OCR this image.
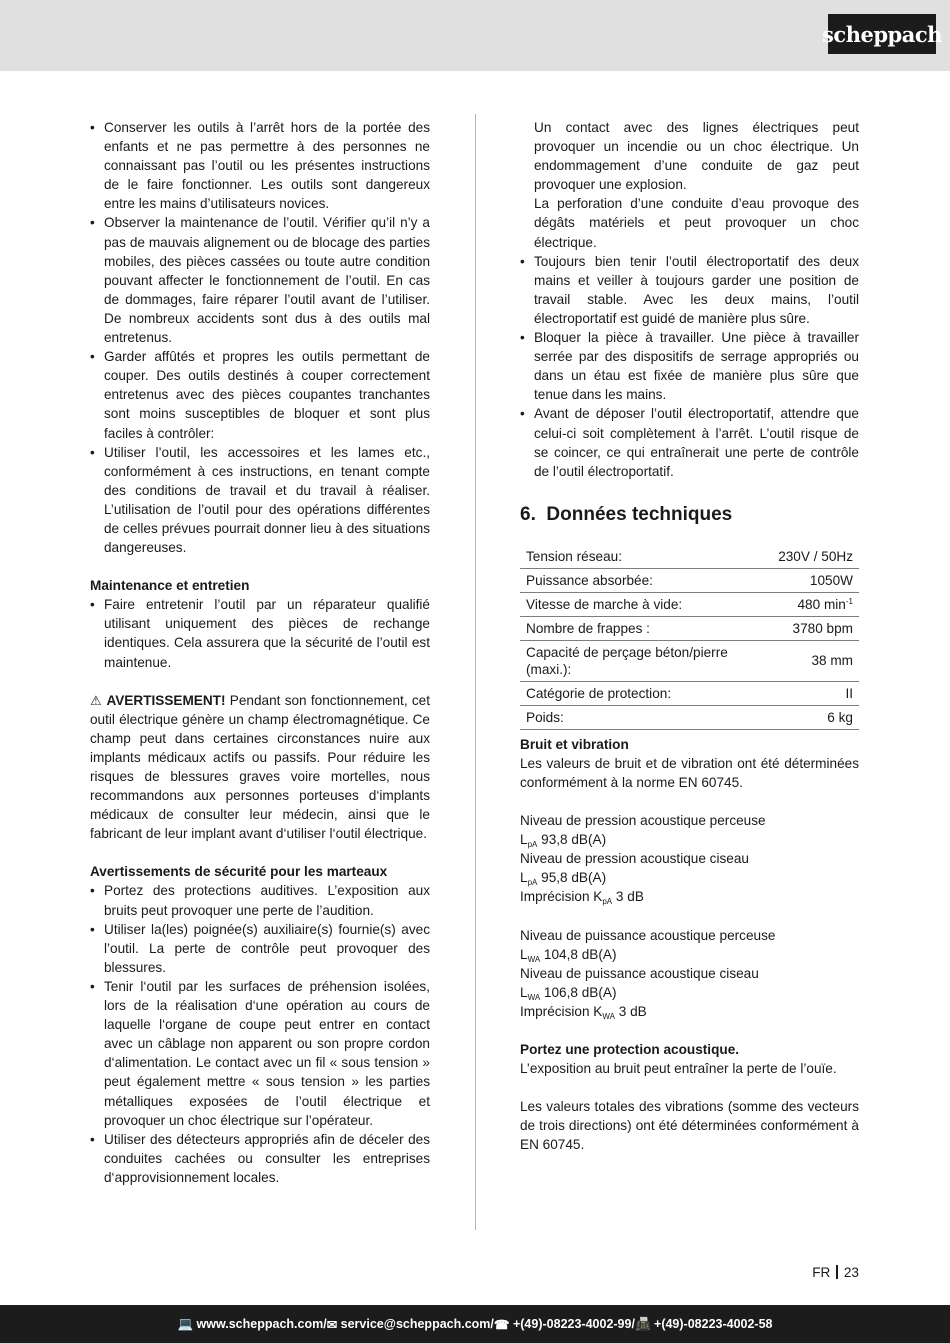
scheppach
• Conserver les outils à l’arrêt hors de la portée des enfants et ne pas permettre à des personnes ne connaissant pas l’outil ou les présentes instructions de le faire fonctionner. Les outils sont dangereux entre les mains d’utilisateurs novices.
• Observer la maintenance de l’outil. Vérifier qu’il n’y a pas de mauvais alignement ou de blocage des parties mobiles, des pièces cassées ou toute autre condition pouvant affecter le fonctionnement de l’outil. En cas de dommages, faire réparer l’outil avant de l’utiliser. De nombreux accidents sont dus à des outils mal entretenus.
• Garder affûtés et propres les outils permettant de couper. Des outils destinés à couper correctement entretenus avec des pièces coupantes tranchantes sont moins susceptibles de bloquer et sont plus faciles à contrôler:
• Utiliser l’outil, les accessoires et les lames etc., conformément à ces instructions, en tenant compte des conditions de travail et du travail à réaliser. L’utilisation de l’outil pour des opérations différentes de celles prévues pourrait donner lieu à des situations dangereuses.

Maintenance et entretien

• Faire entretenir l’outil par un réparateur qualifié utilisant uniquement des pièces de rechange identiques. Cela assurera que la sécurité de l’outil est maintenue.

⚠ AVERTISSEMENT! Pendant son fonctionnement, cet outil électrique génère un champ électromagnétique. Ce champ peut dans certaines circonstances nuire aux implants médicaux actifs ou passifs. Pour réduire les risques de blessures graves voire mortelles, nous recommandons aux personnes porteuses d‘implants médicaux de consulter leur médecin, ainsi que le fabricant de leur implant avant d‘utiliser l‘outil électrique.

Avertissements de sécurité pour les marteaux

• Portez des protections auditives. L’exposition aux bruits peut provoquer une perte de l’audition.
• Utiliser la(les) poignée(s) auxiliaire(s) fournie(s) avec l’outil. La perte de contrôle peut provoquer des blessures.
• Tenir l‘outil par les surfaces de préhension isolées, lors de la réalisation d‘une opération au cours de laquelle l‘organe de coupe peut entrer en contact avec un câblage non apparent ou son propre cordon d‘alimentation. Le contact avec un fil « sous tension » peut également mettre « sous tension » les parties métalliques exposées de l’outil électrique et provoquer un choc électrique sur l’opérateur.
• Utiliser des détecteurs appropriés afin de déceler des conduites cachées ou consulter les entreprises d‘approvisionnement locales.

Un contact avec des lignes électriques peut provoquer un incendie ou un choc électrique. Un endommagement d’une conduite de gaz peut provoquer une explosion.

La perforation d’une conduite d’eau provoque des dégâts matériels et peut provoquer un choc électrique.

• Toujours bien tenir l’outil électroportatif des deux mains et veiller à toujours garder une position de travail stable. Avec les deux mains, l’outil électroportatif est guidé de manière plus sûre.
• Bloquer la pièce à travailler. Une pièce à travailler serrée par des dispositifs de serrage appropriés ou dans un étau est fixée de manière plus sûre que tenue dans les mains.
• Avant de déposer l’outil électroportatif, attendre que celui-ci soit complètement à l’arrêt. L’outil risque de se coincer, ce qui entraînerait une perte de contrôle de l’outil électroportatif.
6. Données techniques
Tension réseau:	230V / 50Hz
Puissance absorbée:	1050W
Vitesse de marche à vide:	480 $\min^{-1}$
Nombre de frappes :	3780 bpm
Capacité de perçage béton/pierre (maxi.):	38 mm
Catégorie de protection:	II
Poids:	6 kg

Bruit et vibration

Les valeurs de bruit et de vibration ont été déterminées conformément à la norme EN 60745.

Niveau de pression acoustique perceuse

$L_{pA}$ 93,8 dB(A)

Niveau de pression acoustique ciseau

$L_{pA}$ 95,8 dB(A)

Imprécision $K_{pA}$ 3 dB

Niveau de puissance acoustique perceuse

$L_{WA}$ 104,8 dB(A)

Niveau de puissance acoustique ciseau

$L_{WA}$ 106,8 dB(A)

Imprécision $K_{WA}$ 3 dB

Portez une protection acoustique.

L’exposition au bruit peut entraîner la perte de l’ouïe.

Les valeurs totales des vibrations (somme des vecteurs de trois directions) ont été déterminées conformément à EN 60745.

FR 23
💻
www.scheppach.com / ✉
service@scheppach.com / ☎
+(49)-08223-4002-99 / 📠
+(49)-08223-4002-58
